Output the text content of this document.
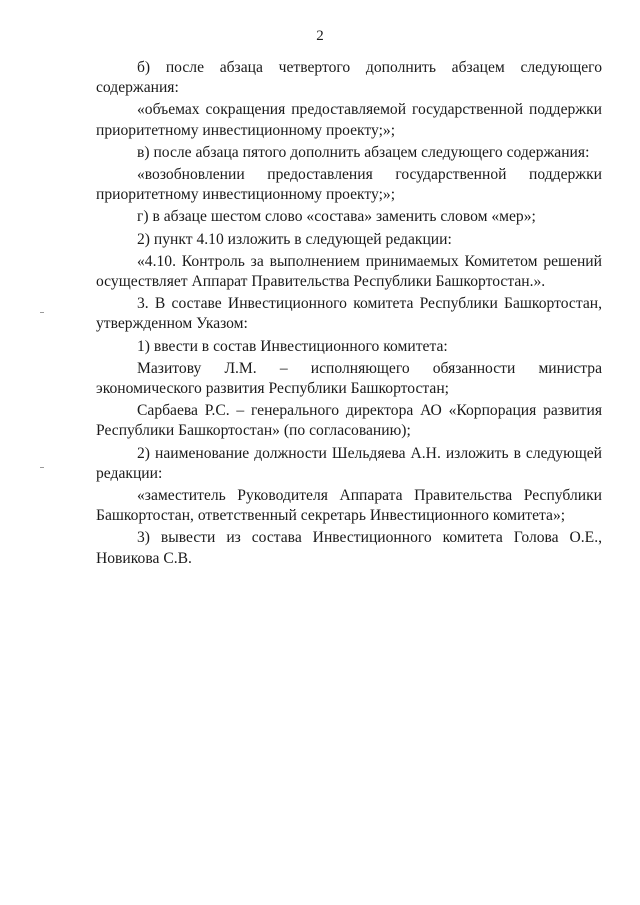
2

б) после абзаца четвертого дополнить абзацем следующего содержания:

«объемах сокращения предоставляемой государственной поддержки приоритетному инвестиционному проекту;»;

в) после абзаца пятого дополнить абзацем следующего содержания:

«возобновлении предоставления государственной поддержки приоритетному инвестиционному проекту;»;

г) в абзаце шестом слово «состава» заменить словом «мер»;

2) пункт 4.10 изложить в следующей редакции:

«4.10. Контроль за выполнением принимаемых Комитетом решений осуществляет Аппарат Правительства Республики Башкортостан.».

3. В составе Инвестиционного комитета Республики Башкортостан, утвержденном Указом:

1) ввести в состав Инвестиционного комитета:

Мазитову Л.М. – исполняющего обязанности министра экономического развития Республики Башкортостан;

Сарбаева Р.С. – генерального директора АО «Корпорация развития Республики Башкортостан» (по согласованию);

2) наименование должности Шельдяева А.Н. изложить в следующей редакции:

«заместитель Руководителя Аппарата Правительства Республики Башкортостан, ответственный секретарь Инвестиционного комитета»;

3) вывести из состава Инвестиционного комитета Голова О.Е., Новикова С.В.
